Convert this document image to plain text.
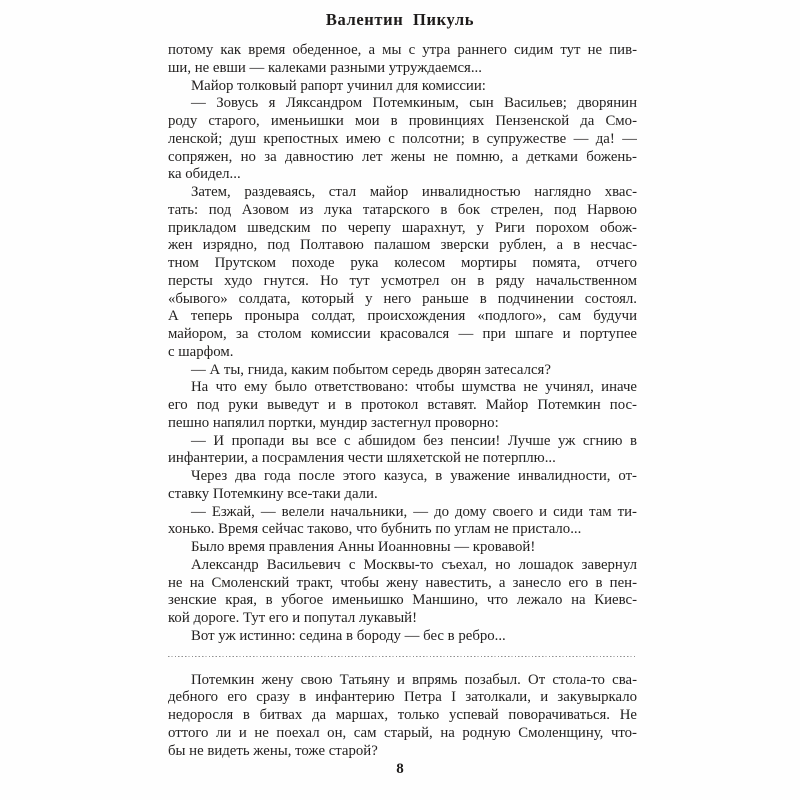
Валентин Пикуль
потому как время обеденное, а мы с утра раннего сидим тут не пив-
ши, не евши — калеками разными утруждаемся...
Майор толковый рапорт учинил для комиссии:
— Зовусь я Ляксандром Потемкиным, сын Васильев; дворянин
роду старого, именьишки мои в провинциях Пензенской да Смо-
ленской; душ крепостных имею с полсотни; в супружестве — да! —
сопряжен, но за давностию лет жены не помню, а детками божень-
ка обидел...
Затем, раздеваясь, стал майор инвалидностью наглядно хвас-
тать: под Азовом из лука татарского в бок стрелен, под Нарвою
прикладом шведским по черепу шарахнут, у Риги порохом обож-
жен изрядно, под Полтавою палашом зверски рублен, а в несчас-
тном Прутском походе рука колесом мортиры помята, отчего
персты худо гнутся. Но тут усмотрел он в ряду начальственном
«бывого» солдата, который у него раньше в подчинении состоял.
А теперь проныра солдат, происхождения «подлого», сам будучи
майором, за столом комиссии красовался — при шпаге и портупее
с шарфом.
— А ты, гнида, каким побытом середь дворян затесался?
На что ему было ответствовано: чтобы шумства не учинял, иначе
его под руки выведут и в протокол вставят. Майор Потемкин пос-
пешно напялил портки, мундир застегнул проворно:
— И пропади вы все с абшидом без пенсии! Лучше уж сгнию в
инфантерии, а посрамления чести шляхетской не потерплю...
Через два года после этого казуса, в уважение инвалидности, от-
ставку Потемкину все-таки дали.
— Езжай, — велели начальники, — до дому своего и сиди там ти-
хонько. Время сейчас таково, что бубнить по углам не пристало...
Было время правления Анны Иоанновны — кровавой!
Александр Васильевич с Москвы-то съехал, но лошадок завернул
не на Смоленский тракт, чтобы жену навестить, а занесло его в пен-
зенские края, в убогое именьишко Маншино, что лежало на Киевс-
кой дороге. Тут его и попутал лукавый!
Вот уж истинно: седина в бороду — бес в ребро...
Потемкин жену свою Татьяну и впрямь позабыл. От стола-то сва-
дебного его сразу в инфантерию Петра I затолкали, и закувыркало
недоросля в битвах да маршах, только успевай поворачиваться. Не
оттого ли и не поехал он, сам старый, на родную Смоленщину, что-
бы не видеть жены, тоже старой?
8
